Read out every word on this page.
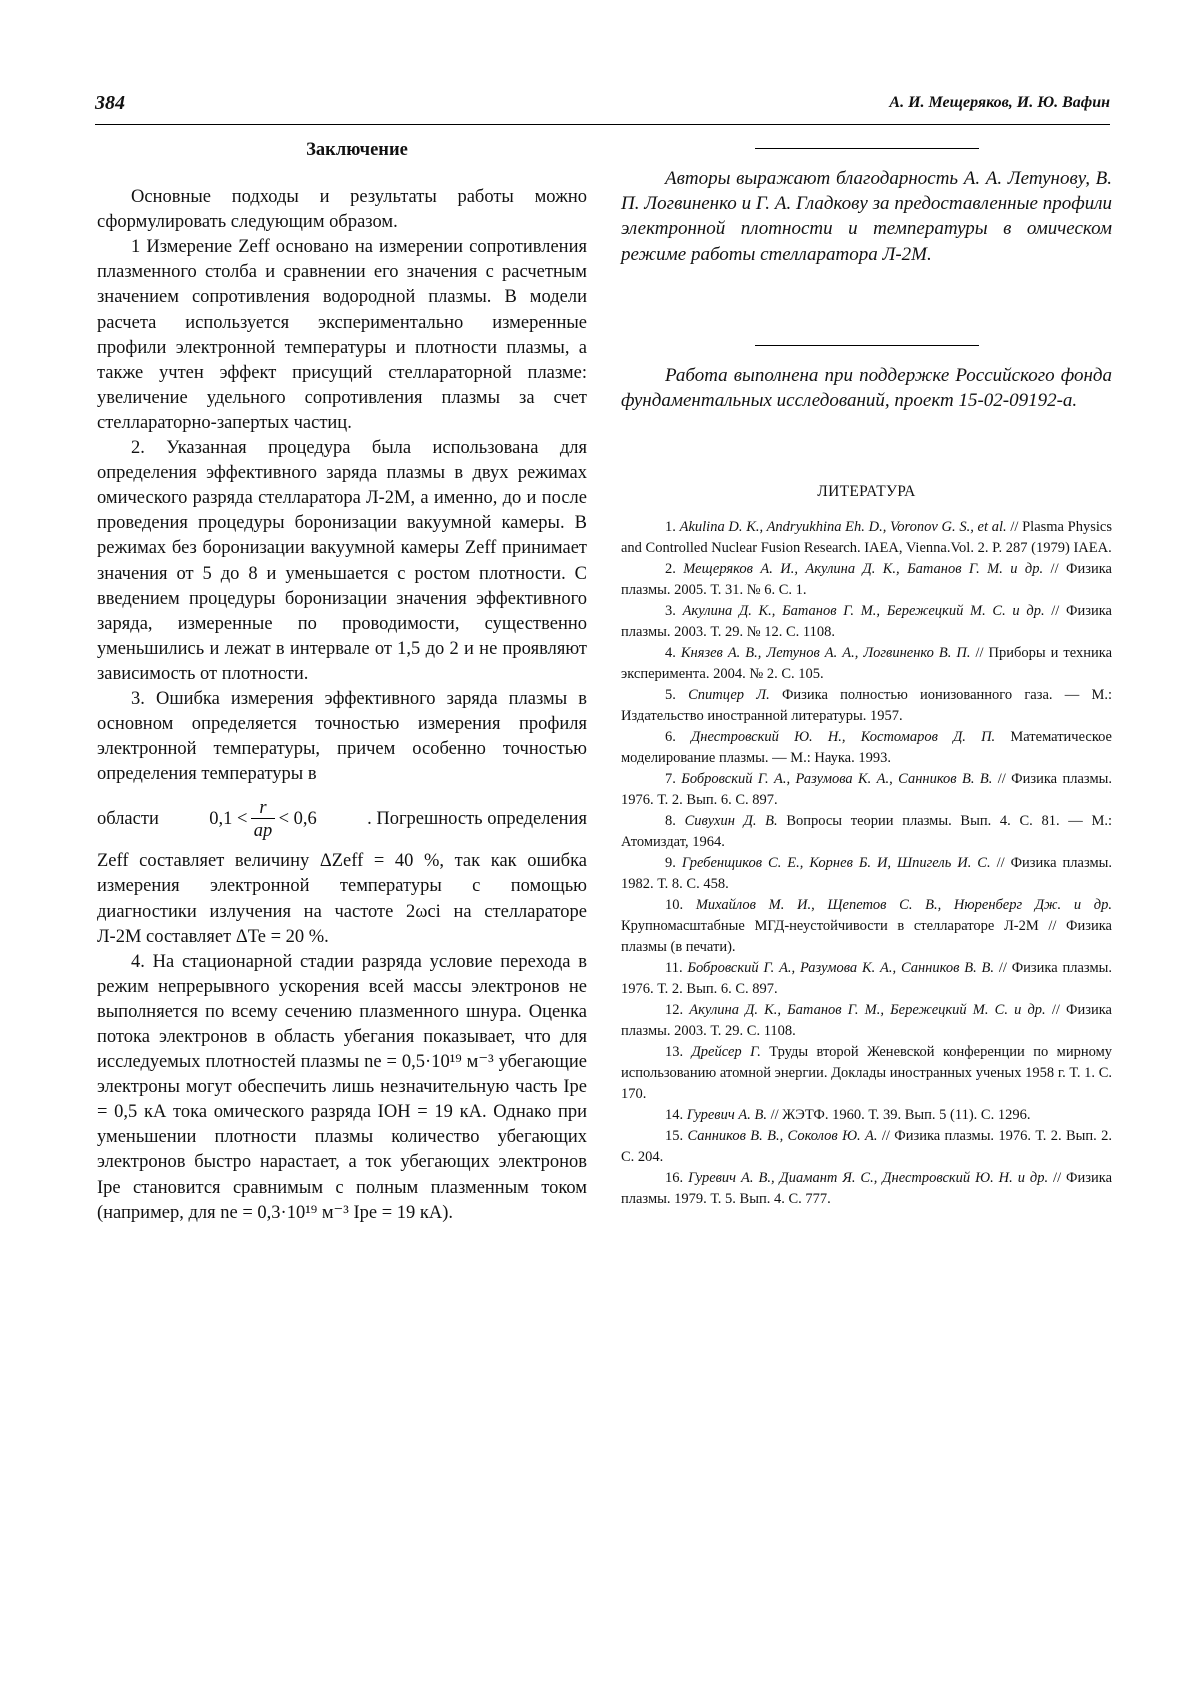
384	А. И. Мещеряков, И. Ю. Вафин
Заключение

Основные подходы и результаты работы можно сформулировать следующим образом.

1 Измерение Zeff основано на измерении сопротивления плазменного столба и сравнении его значения с расчетным значением сопротивления водородной плазмы. В модели расчета используется экспериментально измеренные профили электронной температуры и плотности плазмы, а также учтен эффект присущий стеллараторной плазме: увеличение удельного сопротивления плазмы за счет стеллараторно-запертых частиц.

2. Указанная процедура была использована для определения эффективного заряда плазмы в двух режимах омического разряда стелларатора Л-2М, а именно, до и после проведения процедуры боронизации вакуумной камеры. В режимах без боронизации вакуумной камеры Zeff принимает значения от 5 до 8 и уменьшается с ростом плотности. С введением процедуры боронизации значения эффективного заряда, измеренные по проводимости, существенно уменьшились и лежат в интервале от 1,5 до 2 и не проявляют зависимость от плотности.

3. Ошибка измерения эффективного заряда плазмы в основном определяется точностью измерения профиля электронной температуры, причем особенно точностью определения температуры в

области	$0,1 < \frac{r}{ap} < 0,6$	. Погрешность определения

Zeff составляет величину ΔZeff = 40 %, так как ошибка измерения электронной температуры с помощью диагностики излучения на частоте 2ωci на стеллараторе Л-2М составляет ΔTe = 20 %.

4. На стационарной стадии разряда условие перехода в режим непрерывного ускорения всей массы электронов не выполняется по всему сечению плазменного шнура. Оценка потока электронов в область убегания показывает, что для исследуемых плотностей плазмы ne = 0,5·10¹⁹ м⁻³ убегающие электроны могут обеспечить лишь незначительную часть Ipe = 0,5 кА тока омического разряда IOH = 19 кА. Однако при уменьшении плотности плазмы количество убегающих электронов быстро нарастает, а ток убегающих электронов Ipe становится сравнимым с полным плазменным током (например, для ne = 0,3·10¹⁹ м⁻³ Ipe = 19 кА).

Авторы выражают благодарность А. А. Летунову, В. П. Логвиненко и Г. А. Гладкову за предоставленные профили электронной плотности и температуры в омическом режиме работы стелларатора Л-2М.

Работа выполнена при поддержке Российского фонда фундаментальных исследований, проект 15-02-09192-а.

ЛИТЕРАТУРА

1. Akulina D. K., Andryukhina Eh. D., Voronov G. S., et al. // Plasma Physics and Controlled Nuclear Fusion Research. IAEA, Vienna.Vol. 2. P. 287 (1979) IAEA.

2. Мещеряков А. И., Акулина Д. К., Батанов Г. М. и др. // Физика плазмы. 2005. Т. 31. № 6. С. 1.

3. Акулина Д. К., Батанов Г. М., Бережецкий М. С. и др. // Физика плазмы. 2003. Т. 29. № 12. С. 1108.

4. Князев А. В., Летунов А. А., Логвиненко В. П. // Приборы и техника эксперимента. 2004. № 2. С. 105.

5. Спитцер Л. Физика полностью ионизованного газа. — М.: Издательство иностранной литературы. 1957.

6. Днестровский Ю. Н., Костомаров Д. П. Математическое моделирование плазмы. — М.: Наука. 1993.

7. Бобровский Г. А., Разумова К. А., Санников В. В. // Физика плазмы. 1976. Т. 2. Вып. 6. С. 897.

8. Сивухин Д. В. Вопросы теории плазмы. Вып. 4. С. 81. — М.: Атомиздат, 1964.

9. Гребенщиков С. Е., Корнев Б. И, Шпигель И. С. // Физика плазмы. 1982. Т. 8. С. 458.

10. Михайлов М. И., Щепетов С. В., Нюренберг Дж. и др. Крупномасштабные МГД-неустойчивости в стеллараторе Л-2М // Физика плазмы (в печати).

11. Бобровский Г. А., Разумова К. А., Санников В. В. // Физика плазмы. 1976. Т. 2. Вып. 6. С. 897.

12. Акулина Д. К., Батанов Г. М., Бережецкий М. С. и др. // Физика плазмы. 2003. Т. 29. С. 1108.

13. Дрейсер Г. Труды второй Женевской конференции по мирному использованию атомной энергии. Доклады иностранных ученых 1958 г. Т. 1. С. 170.

14. Гуревич А. В. // ЖЭТФ. 1960. Т. 39. Вып. 5 (11). С. 1296.

15. Санников В. В., Соколов Ю. А. // Физика плазмы. 1976. Т. 2. Вып. 2. С. 204.

16. Гуревич А. В., Диамант Я. С., Днестровский Ю. Н. и др. // Физика плазмы. 1979. Т. 5. Вып. 4. С. 777.
